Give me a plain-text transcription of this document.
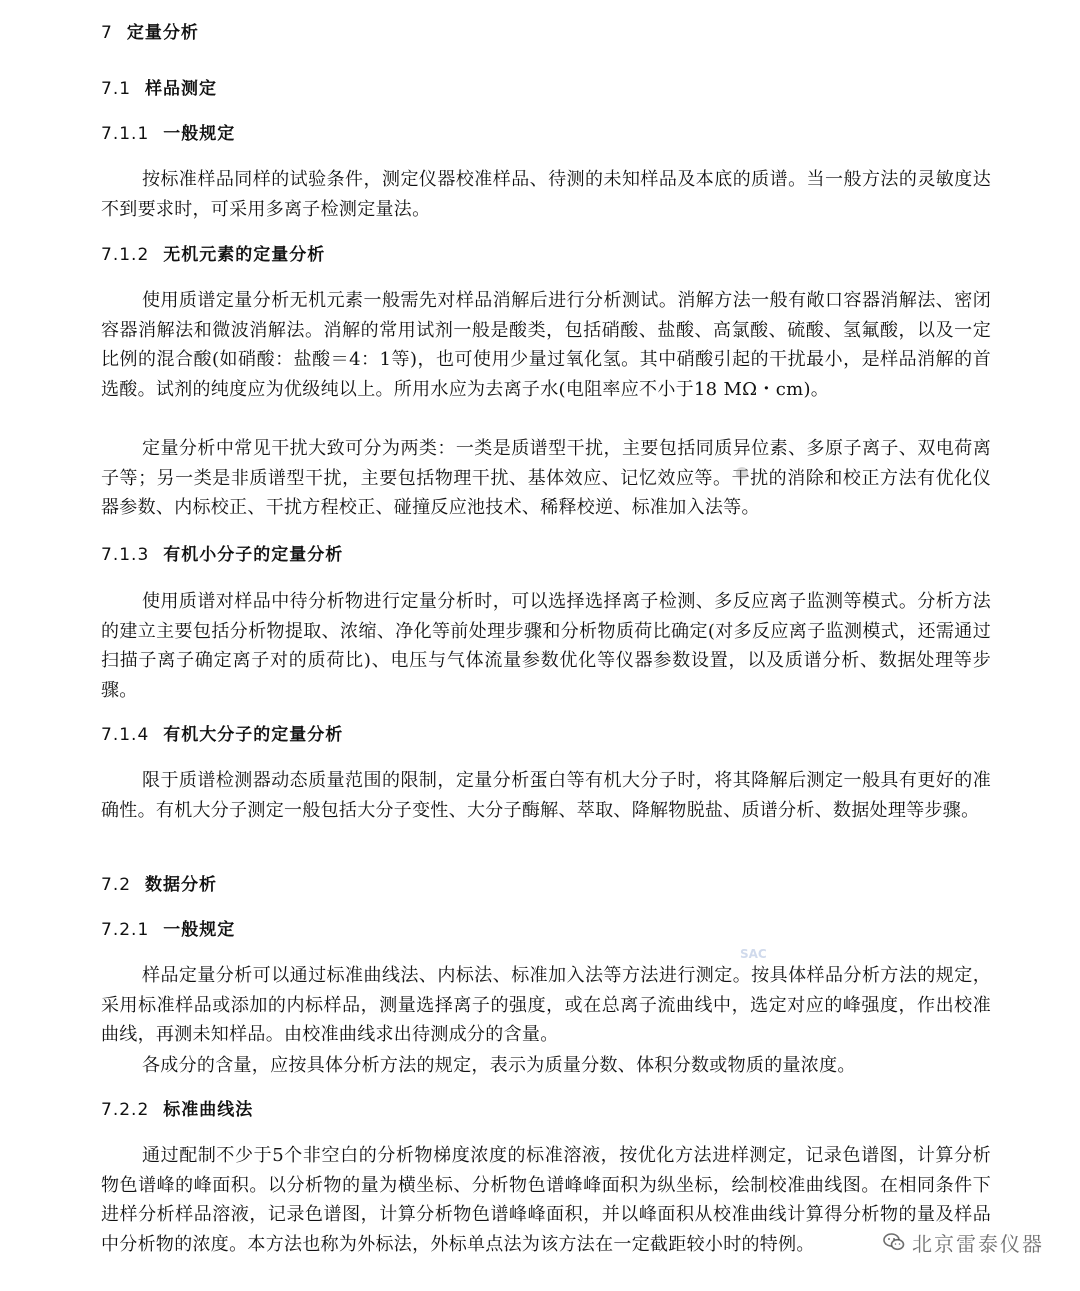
7 定量分析
7.1 样品测定
7.1.1 一般规定
按标准样品同样的试验条件，测定仪器校准样品、待测的未知样品及本底的质谱。当一般方法的灵敏度达不到要求时，可采用多离子检测定量法。
7.1.2 无机元素的定量分析
使用质谱定量分析无机元素一般需先对样品消解后进行分析测试。消解方法一般有敞口容器消解法、密闭容器消解法和微波消解法。消解的常用试剂一般是酸类，包括硝酸、盐酸、高氯酸、硫酸、氢氟酸，以及一定比例的混合酸(如硝酸：盐酸＝4：1等)，也可使用少量过氧化氢。其中硝酸引起的干扰最小，是样品消解的首选酸。试剂的纯度应为优级纯以上。所用水应为去离子水(电阻率应不小于18 MΩ・cm)。
定量分析中常见干扰大致可分为两类：一类是质谱型干扰，主要包括同质异位素、多原子离子、双电荷离子等；另一类是非质谱型干扰，主要包括物理干扰、基体效应、记忆效应等。干扰的消除和校正方法有优化仪器参数、内标校正、干扰方程校正、碰撞反应池技术、稀释校逆、标准加入法等。
7.1.3 有机小分子的定量分析
使用质谱对样品中待分析物进行定量分析时，可以选择选择离子检测、多反应离子监测等模式。分析方法的建立主要包括分析物提取、浓缩、净化等前处理步骤和分析物质荷比确定(对多反应离子监测模式，还需通过扫描子离子确定离子对的质荷比)、电压与气体流量参数优化等仪器参数设置，以及质谱分析、数据处理等步骤。
7.1.4 有机大分子的定量分析
限于质谱检测器动态质量范围的限制，定量分析蛋白等有机大分子时，将其降解后测定一般具有更好的准确性。有机大分子测定一般包括大分子变性、大分子酶解、萃取、降解物脱盐、质谱分析、数据处理等步骤。
7.2 数据分析
7.2.1 一般规定
样品定量分析可以通过标准曲线法、内标法、标准加入法等方法进行测定。按具体样品分析方法的规定，采用标准样品或添加的内标样品，测量选择离子的强度，或在总离子流曲线中，选定对应的峰强度，作出校准曲线，再测未知样品。由校准曲线求出待测成分的含量。
各成分的含量，应按具体分析方法的规定，表示为质量分数、体积分数或物质的量浓度。
7.2.2 标准曲线法
通过配制不少于5个非空白的分析物梯度浓度的标准溶液，按优化方法进样测定，记录色谱图，计算分析物色谱峰的峰面积。以分析物的量为横坐标、分析物色谱峰峰面积为纵坐标，绘制校准曲线图。在相同条件下进样分析样品溶液，记录色谱图，计算分析物色谱峰峰面积，并以峰面积从校准曲线计算得分析物的量及样品中分析物的浓度。本方法也称为外标法，外标单点法为该方法在一定截距较小时的特例。
SAC
北京雷泰仪器
